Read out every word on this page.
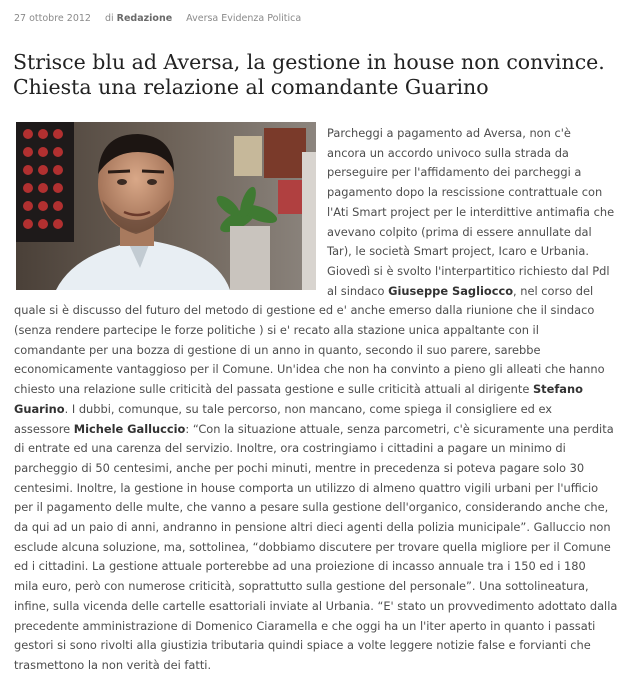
27 ottobre 2012 di Redazione Aversa Evidenza Politica
Strisce blu ad Aversa, la gestione in house non convince.
Chiesta una relazione al comandante Guarino
Parcheggi a pagamento ad Aversa, non c'è
ancora un accordo univoco sulla strada da
perseguire per l'affidamento dei parcheggi a
pagamento dopo la rescissione contrattuale con
l'Ati Smart project per le interdittive antimafia che
avevano colpito (prima di essere annullate dal
Tar), le società Smart project, Icaro e Urbania.
Giovedì si è svolto l'interpartitico richiesto dal Pdl
al sindaco Giuseppe Sagliocco, nel corso del
quale si è discusso del futuro del metodo di gestione ed e' anche emerso dalla riunione che il sindaco
(senza rendere partecipe le forze politiche ) si e' recato alla stazione unica appaltante con il
comandante per una bozza di gestione di un anno in quanto, secondo il suo parere, sarebbe
economicamente vantaggioso per il Comune. Un'idea che non ha convinto a pieno gli alleati che hanno
chiesto una relazione sulle criticità del passata gestione e sulle criticità attuali al dirigente Stefano
Guarino. I dubbi, comunque, su tale percorso, non mancano, come spiega il consigliere ed ex
assessore Michele Galluccio: “Con la situazione attuale, senza parcometri, c'è sicuramente una perdita
di entrate ed una carenza del servizio. Inoltre, ora costringiamo i cittadini a pagare un minimo di
parcheggio di 50 centesimi, anche per pochi minuti, mentre in precedenza si poteva pagare solo 30
centesimi. Inoltre, la gestione in house comporta un utilizzo di almeno quattro vigili urbani per l'ufficio
per il pagamento delle multe, che vanno a pesare sulla gestione dell'organico, considerando anche che,
da qui ad un paio di anni, andranno in pensione altri dieci agenti della polizia municipale”. Galluccio non
esclude alcuna soluzione, ma, sottolinea, “dobbiamo discutere per trovare quella migliore per il Comune
ed i cittadini. La gestione attuale porterebbe ad una proiezione di incasso annuale tra i 150 ed i 180
mila euro, però con numerose criticità, soprattutto sulla gestione del personale”. Una sottolineatura,
infine, sulla vicenda delle cartelle esattoriali inviate al Urbania. “E' stato un provvedimento adottato dalla
precedente amministrazione di Domenico Ciaramella e che oggi ha un l'iter aperto in quanto i passati
gestori si sono rivolti alla giustizia tributaria quindi spiace a volte leggere notizie false e forvianti che
trasmettono la non verità dei fatti.
